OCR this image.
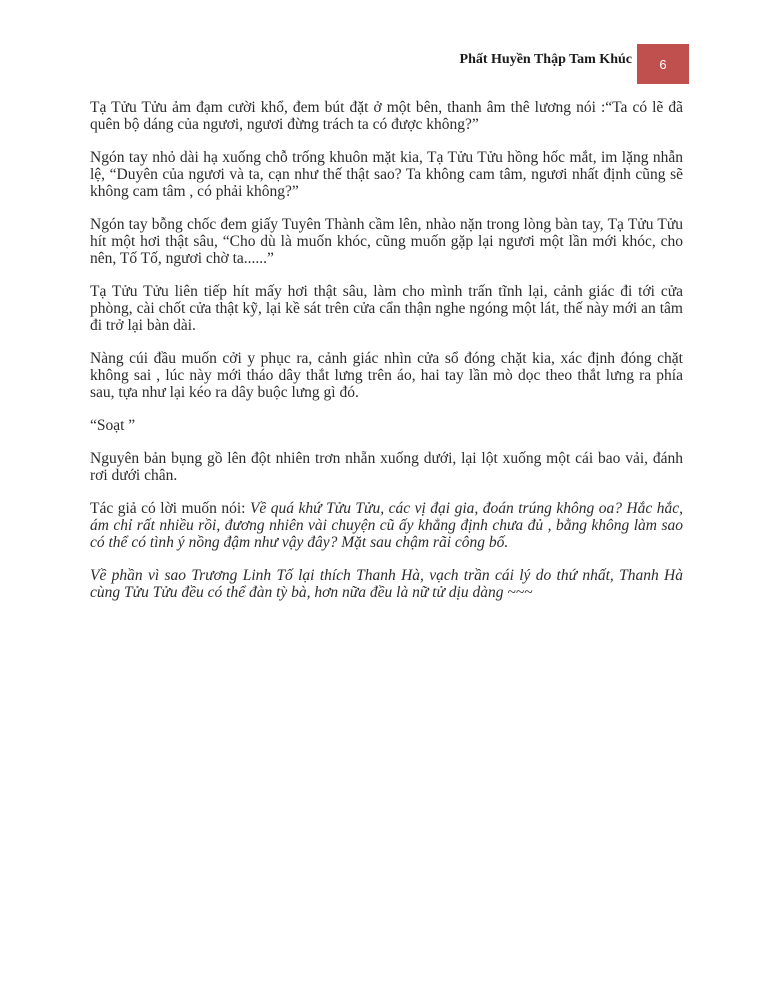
Phất Huyền Thập Tam Khúc 6

Tạ Tửu Tửu ảm đạm cười khổ, đem bút đặt ở một bên, thanh âm thê lương nói :“Ta có lẽ đã quên bộ dáng của ngươi, ngươi đừng trách ta có được không?”

Ngón tay nhỏ dài hạ xuống chỗ trống khuôn mặt kia, Tạ Tửu Tửu hồng hốc mắt, im lặng nhẫn lệ, “Duyên của ngươi và ta, cạn như thế thật sao? Ta không cam tâm, ngươi nhất định cũng sẽ không cam tâm , có phải không?”

Ngón tay bỗng chốc đem giấy Tuyên Thành cầm lên, nhào nặn trong lòng bàn tay, Tạ Tửu Tửu hít một hơi thật sâu, “Cho dù là muốn khóc, cũng muốn gặp lại ngươi một lần mới khóc, cho nên, Tố Tố, ngươi chờ ta......”

Tạ Tửu Tửu liên tiếp hít mấy hơi thật sâu, làm cho mình trấn tĩnh lại, cảnh giác đi tới cửa phòng, cài chốt cửa thật kỹ, lại kề sát trên cửa cẩn thận nghe ngóng một lát, thế này mới an tâm đi trở lại bàn dài.

Nàng cúi đầu muốn cởi y phục ra, cảnh giác nhìn cửa sổ đóng chặt kia, xác định đóng chặt không sai , lúc này mới tháo dây thắt lưng trên áo, hai tay lần mò dọc theo thắt lưng ra phía sau, tựa như lại kéo ra dây buộc lưng gì đó.

“Soạt ”

Nguyên bản bụng gồ lên đột nhiên trơn nhẵn xuống dưới, lại lột xuống một cái bao vải, đánh rơi dưới chân.

Tác giả có lời muốn nói: Về quá khứ Tửu Tửu, các vị đại gia, đoán trúng không oa? Hắc hắc, ám chỉ rất nhiều rồi, đương nhiên vài chuyện cũ ấy khẳng định chưa đủ , bằng không làm sao có thể có tình ý nồng đậm như vậy đây? Mặt sau chậm rãi công bố.

Về phần vì sao Trương Linh Tố lại thích Thanh Hà, vạch trần cái lý do thứ nhất, Thanh Hà cùng Tửu Tửu đều có thể đàn tỳ bà, hơn nữa đều là nữ tử dịu dàng ~~~
